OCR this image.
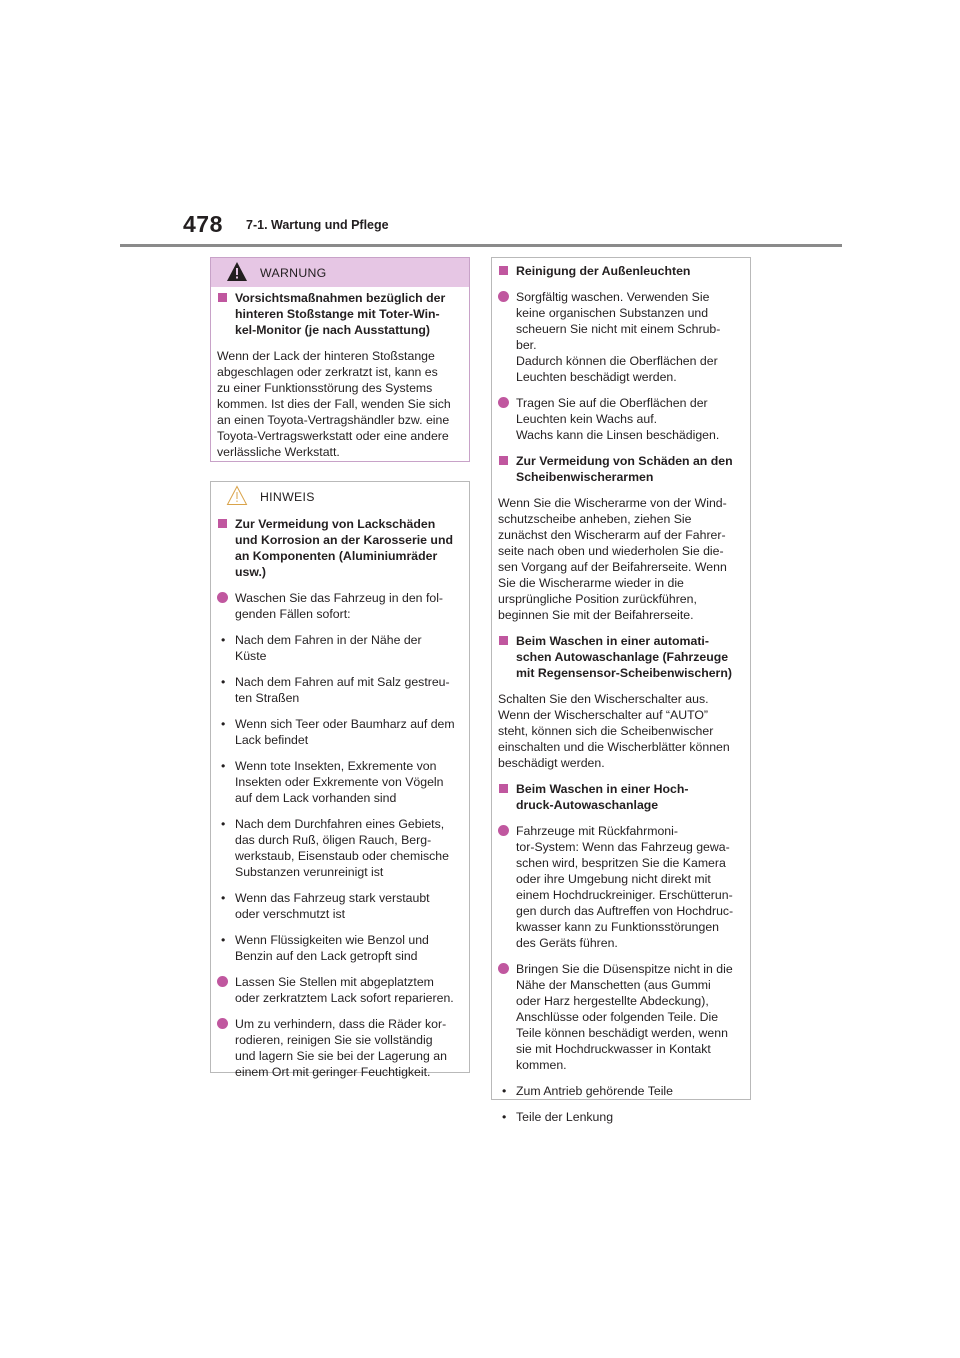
478 7-1. Wartung und Pflege
WARNUNG
Vorsichtsmaßnahmen bezüglich der
hinteren Stoßstange mit Toter-Win-
kel-Monitor (je nach Ausstattung)
Wenn der Lack der hinteren Stoßstange
abgeschlagen oder zerkratzt ist, kann es
zu einer Funktionsstörung des Systems
kommen. Ist dies der Fall, wenden Sie sich
an einen Toyota-Vertragshändler bzw. eine
Toyota-Vertragswerkstatt oder eine andere
verlässliche Werkstatt.
HINWEIS
Zur Vermeidung von Lackschäden
und Korrosion an der Karosserie und
an Komponenten (Aluminiumräder
usw.)
Waschen Sie das Fahrzeug in den fol-
genden Fällen sofort:
• Nach dem Fahren in der Nähe der
Küste
• Nach dem Fahren auf mit Salz gestreu-
ten Straßen
• Wenn sich Teer oder Baumharz auf dem
Lack befindet
• Wenn tote Insekten, Exkremente von
Insekten oder Exkremente von Vögeln
auf dem Lack vorhanden sind
• Nach dem Durchfahren eines Gebiets,
das durch Ruß, öligen Rauch, Berg-
werkstaub, Eisenstaub oder chemische
Substanzen verunreinigt ist
• Wenn das Fahrzeug stark verstaubt
oder verschmutzt ist
• Wenn Flüssigkeiten wie Benzol und
Benzin auf den Lack getropft sind
Lassen Sie Stellen mit abgeplatztem
oder zerkratztem Lack sofort reparieren.
Um zu verhindern, dass die Räder kor-
rodieren, reinigen Sie sie vollständig
und lagern Sie sie bei der Lagerung an
einem Ort mit geringer Feuchtigkeit.
Reinigung der Außenleuchten
Sorgfältig waschen. Verwenden Sie
keine organischen Substanzen und
scheuern Sie nicht mit einem Schrub-
ber.
Dadurch können die Oberflächen der
Leuchten beschädigt werden.
Tragen Sie auf die Oberflächen der
Leuchten kein Wachs auf.
Wachs kann die Linsen beschädigen.
Zur Vermeidung von Schäden an den
Scheibenwischerarmen
Wenn Sie die Wischerarme von der Wind-
schutzscheibe anheben, ziehen Sie
zunächst den Wischerarm auf der Fahrer-
seite nach oben und wiederholen Sie die-
sen Vorgang auf der Beifahrerseite. Wenn
Sie die Wischerarme wieder in die
ursprüngliche Position zurückführen,
beginnen Sie mit der Beifahrerseite.
Beim Waschen in einer automati-
schen Autowaschanlage (Fahrzeuge
mit Regensensor-Scheibenwischern)
Schalten Sie den Wischerschalter aus.
Wenn der Wischerschalter auf “AUTO”
steht, können sich die Scheibenwischer
einschalten und die Wischerblätter können
beschädigt werden.
Beim Waschen in einer Hoch-
druck-Autowaschanlage
Fahrzeuge mit Rückfahrmoni-
tor-System: Wenn das Fahrzeug gewa-
schen wird, bespritzen Sie die Kamera
oder ihre Umgebung nicht direkt mit
einem Hochdruckreiniger. Erschütterun-
gen durch das Auftreffen von Hochdruc-
kwasser kann zu Funktionsstörungen
des Geräts führen.
Bringen Sie die Düsenspitze nicht in die
Nähe der Manschetten (aus Gummi
oder Harz hergestellte Abdeckung),
Anschlüsse oder folgenden Teile. Die
Teile können beschädigt werden, wenn
sie mit Hochdruckwasser in Kontakt
kommen.
• Zum Antrieb gehörende Teile
• Teile der Lenkung
